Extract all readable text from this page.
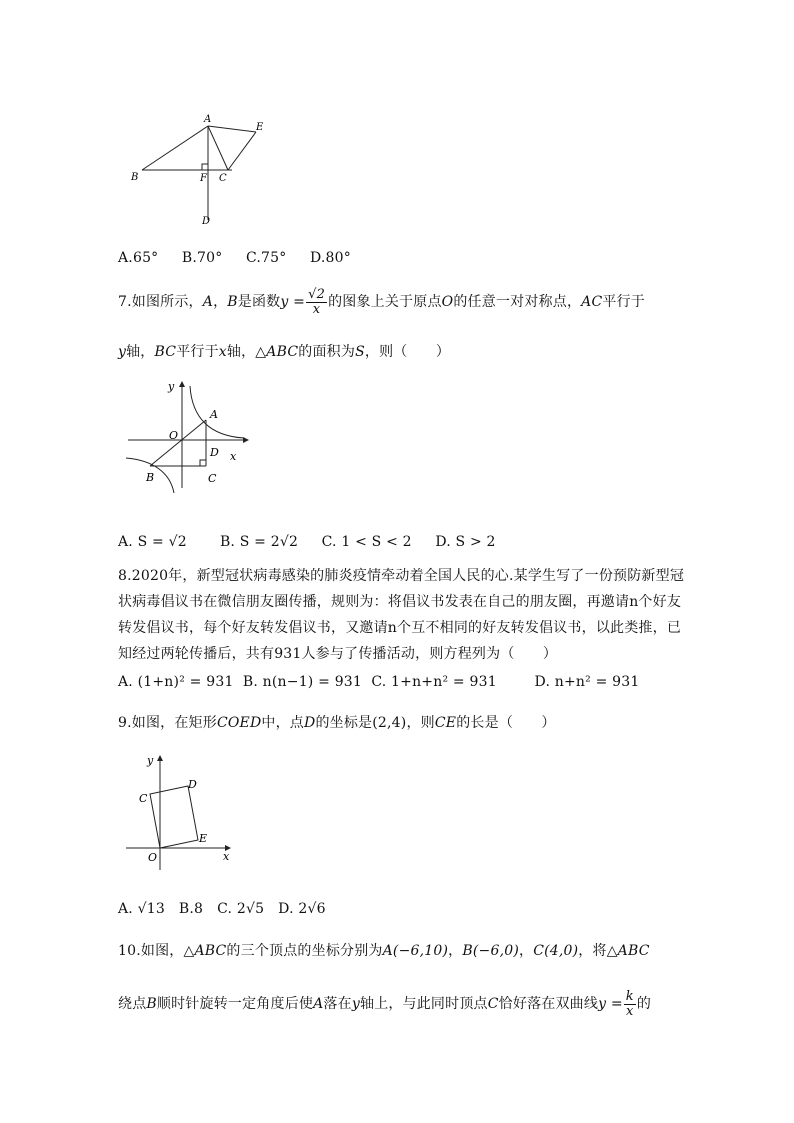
A
E
B	F C
D
A.65°　 B.70°　 C.75°　 D.80°
7.如图所示，A，B是函数$y = \frac{√2}{x}$ 的图象上关于原点O的任意一对对称点，AC平行于
y轴，BC平行于x轴，△ABC的面积为S，则（　　）
y
A
O
x
D
B	C
A. S = √2　　 B. S = 2√2　 C. 1 < S < 2　 D. S > 2
8.2020年，新型冠状病毒感染的肺炎疫情牵动着全国人民的心.某学生写了一份预防新型冠
状病毒倡议书在微信朋友圈传播，规则为：将倡议书发表在自己的朋友圈，再邀请n个好友
转发倡议书，每个好友转发倡议书，又邀请n个互不相同的好友转发倡议书，以此类推，已
知经过两轮传播后，共有931人参与了传播活动，则方程列为（　　）
A. (1+n)² = 931 B. n(n−1) = 931 C. 1+n+n² = 931　　	D. n+n² = 931
9.如图，在矩形COED中，点D的坐标是(2,4)，则CE的长是（　　）
y
C
D
E
O	x
A. √13 B.8 C. 2√5 D. 2√6
10.如图，△ABC的三个顶点的坐标分别为A(−6,10)，B(−6,0)，C(4,0)，将△ABC
绕点B顺时针旋转一定角度后使A落在y轴上，与此同时顶点C恰好落在双曲线$y = \frac{k}{x}$ 的
